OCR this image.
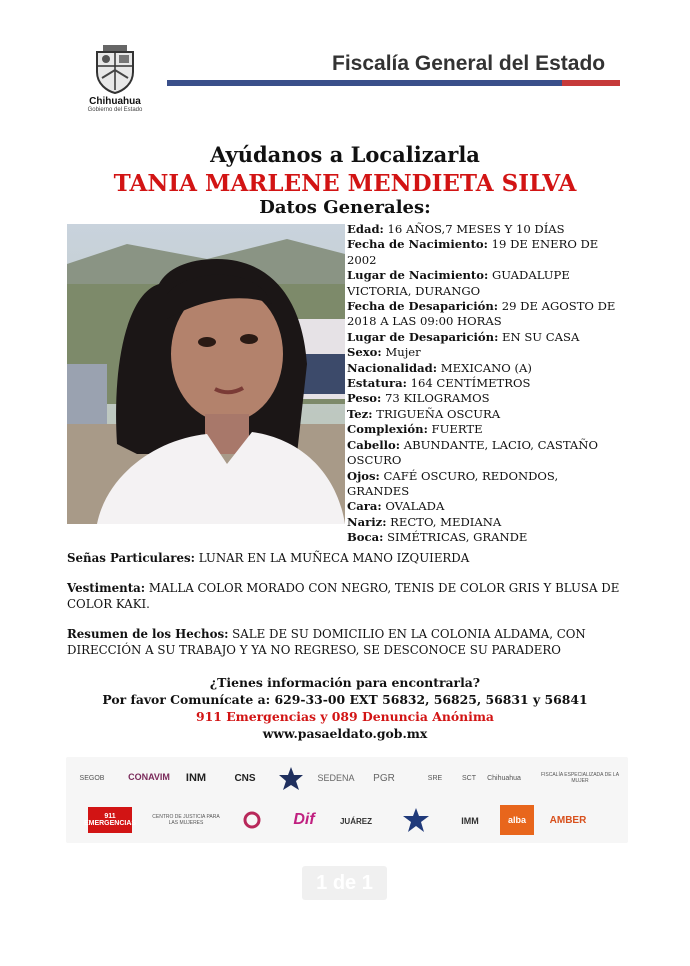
Chihuahua
Gobierno del Estado
Fiscalía General del Estado
Ayúdanos a Localizarla
TANIA MARLENE MENDIETA SILVA
Datos Generales:
Edad: 16 AÑOS,7 MESES Y 10 DÍAS
Fecha de Nacimiento: 19 DE ENERO DE 2002
Lugar de Nacimiento: GUADALUPE VICTORIA, DURANGO
Fecha de Desaparición: 29 DE AGOSTO DE 2018 A LAS 09:00 HORAS
Lugar de Desaparición: EN SU CASA
Sexo: Mujer
Nacionalidad: MEXICANO (A)
Estatura: 164 CENTÍMETROS
Peso: 73 KILOGRAMOS
Tez: TRIGUEÑA OSCURA
Complexión: FUERTE
Cabello: ABUNDANTE, LACIO, CASTAÑO OSCURO
Ojos: CAFÉ OSCURO, REDONDOS, GRANDES
Cara: OVALADA
Nariz: RECTO, MEDIANA
Boca: SIMÉTRICAS, GRANDE
Señas Particulares: LUNAR EN LA MUÑECA MANO IZQUIERDA
Vestimenta: MALLA COLOR MORADO CON NEGRO, TENIS DE COLOR GRIS Y BLUSA DE COLOR KAKI.
Resumen de los Hechos: SALE DE SU DOMICILIO EN LA COLONIA ALDAMA, CON DIRECCIÓN A SU TRABAJO Y YA NO REGRESO, SE DESCONOCE SU PARADERO
¿Tienes información para encontrarla?
Por favor Comunícate a: 629-33-00 EXT 56832, 56825, 56831 y 56841
911 Emergencias y 089 Denuncia Anónima
www.pasaeldato.gob.mx
SEGOB	CONAVIM	INM	CNS	SEDENA	PGR	SRE	SCT	Chihuahua	FISCALÍA ESPECIALIZADA DE LA MUJER
911 EMERGENCIAS
CENTRO DE JUSTICIA PARA LAS MUJERES	Dif	JUÁREZ	IMM	alba	AMBER
1 de 1
